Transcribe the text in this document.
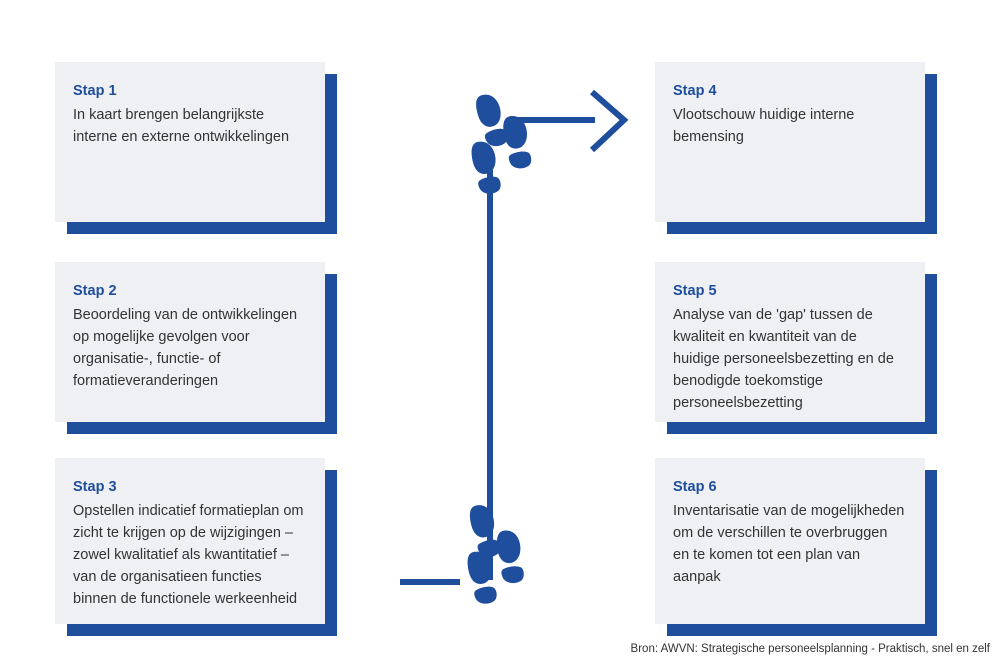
Stap 1
In kaart brengen belangrijkste interne en externe ontwikkelingen
Stap 2
Beoordeling van de ontwikkelingen op mogelijke gevolgen voor organisatie-, functie- of formatieveranderingen
Stap 3
Opstellen indicatief formatieplan om zicht te krijgen op de wijzigingen – zowel kwalitatief als kwantitatief – van de organisatieen functies binnen de functionele werkeenheid
Stap 4
Vlootschouw huidige interne bemensing
Stap 5
Analyse van de 'gap' tussen de kwaliteit en kwantiteit van de huidige personeelsbezetting en de benodigde toekomstige personeelsbezetting
Stap 6
Inventarisatie van de mogelijkheden om de verschillen te overbruggen en te komen tot een plan van aanpak
Bron: AWVN: Strategische personeelsplanning - Praktisch, snel en zelf
